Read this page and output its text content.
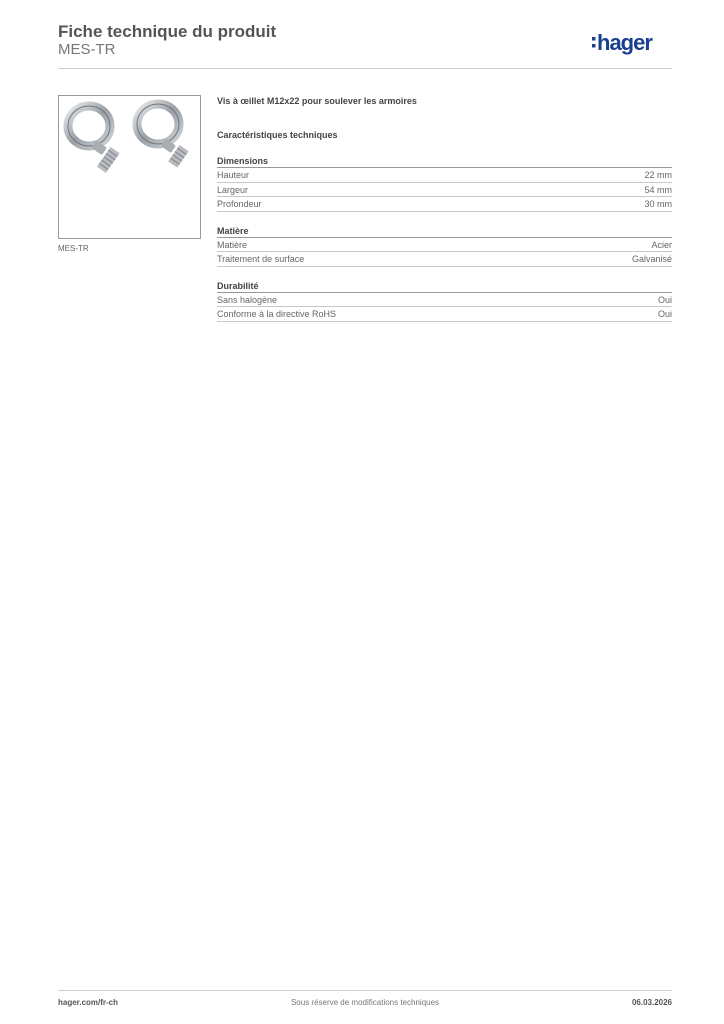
Fiche technique du produit
MES-TR	hager
MES-TR
Vis à œillet M12x22 pour soulever les armoires
Caractéristiques techniques
Dimensions
Hauteur	22 mm
Largeur	54 mm
Profondeur	30 mm
Matière
Matière	Acier
Traitement de surface	Galvanisé
Durabilité
Sans halogène	Oui
Conforme à la directive RoHS	Oui
hager.com/fr-ch	Sous réserve de modifications techniques	06.03.2026
